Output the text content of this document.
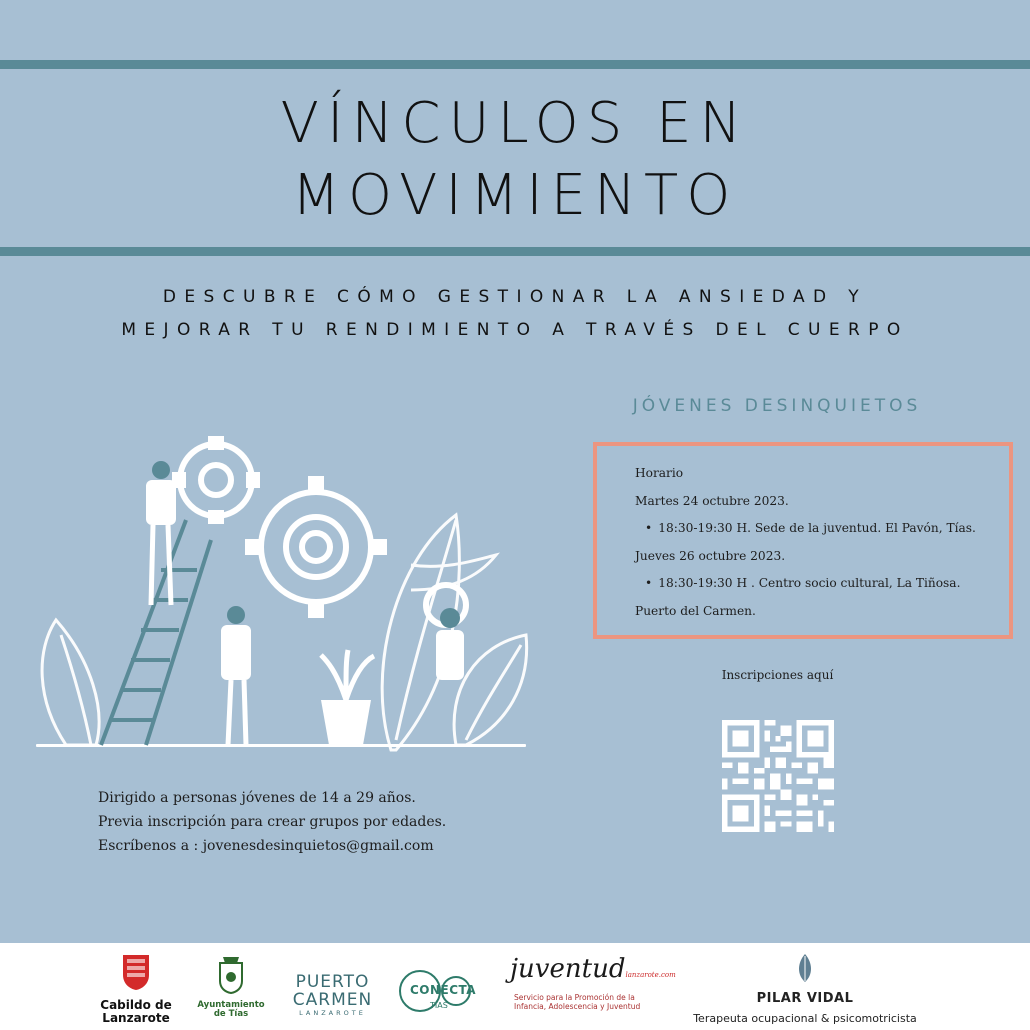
VÍNCULOS EN
MOVIMIENTO
DESCUBRE CÓMO GESTIONAR LA ANSIEDAD Y
MEJORAR TU RENDIMIENTO A TRAVÉS DEL CUERPO
JÓVENES DESINQUIETOS
Horario
Martes 24 octubre 2023.
• 18:30-19:30 H. Sede de la juventud. El Pavón, Tías.
Jueves 26 octubre 2023.
• 18:30-19:30 H . Centro socio cultural, La Tiñosa.
Puerto del Carmen.
Inscripciones aquí
Dirigido a personas jóvenes de 14 a 29 años.
Previa inscripción para crear grupos por edades.
Escríbenos a : jovenesdesinquietos@gmail.com
Cabildo de Lanzarote
Ayuntamiento de Tías
PUERTO CARMEN
LANZAROTE
CONECTA
TÍAS
juventudlanzarote.com
Servicio para la Promoción de la Infancia, Adolescencia y Juventud
PILAR VIDAL
Terapeuta ocupacional & psicomotricista
